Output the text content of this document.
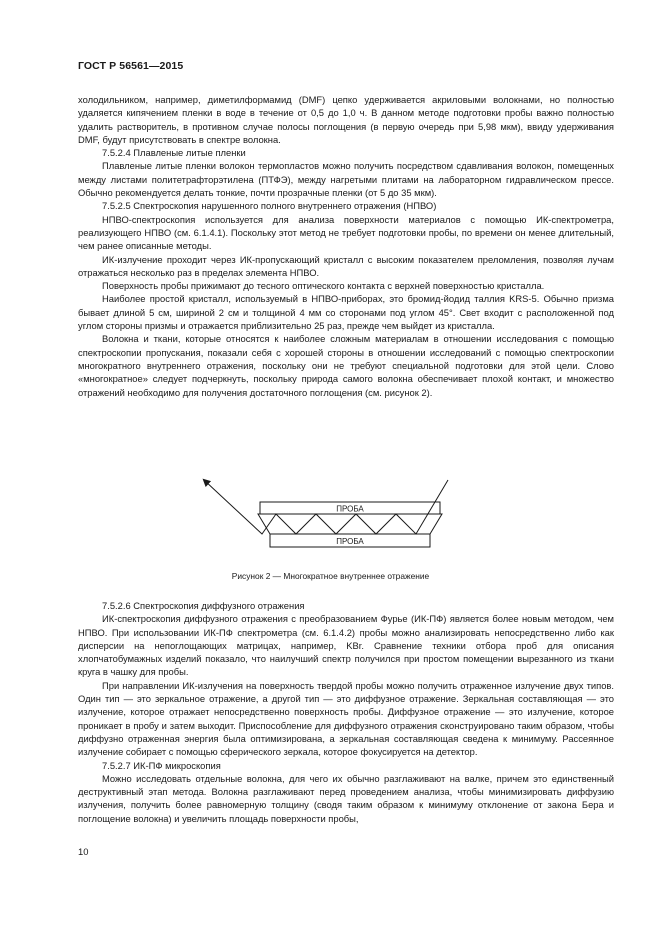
ГОСТ Р 56561—2015

холодильником, например, диметилформамид (DMF) цепко удерживается акриловыми волокнами, но полностью удаляется кипячением пленки в воде в течение от 0,5 до 1,0 ч. В данном методе подготовки пробы важно полностью удалить растворитель, в противном случае полосы поглощения (в первую очередь при 5,98 мкм), ввиду удерживания DMF, будут присутствовать в спектре волокна.

7.5.2.4 Плавленые литые пленки

Плавленые литые пленки волокон термопластов можно получить посредством сдавливания волокон, помещенных между листами политетрафторэтилена (ПТФЭ), между нагретыми плитами на лабораторном гидравлическом прессе. Обычно рекомендуется делать тонкие, почти прозрачные пленки (от 5 до 35 мкм).

7.5.2.5 Спектроскопия нарушенного полного внутреннего отражения (НПВО)

НПВО-спектроскопия используется для анализа поверхности материалов с помощью ИК-спектрометра, реализующего НПВО (см. 6.1.4.1). Поскольку этот метод не требует подготовки пробы, по времени он менее длительный, чем ранее описанные методы.

ИК-излучение проходит через ИК-пропускающий кристалл с высоким показателем преломления, позволяя лучам отражаться несколько раз в пределах элемента НПВО.

Поверхность пробы прижимают до тесного оптического контакта с верхней поверхностью кристалла.

Наиболее простой кристалл, используемый в НПВО-приборах, это бромид-йодид таллия KRS-5. Обычно призма бывает длиной 5 см, шириной 2 см и толщиной 4 мм со сторонами под углом 45°. Свет входит с расположенной под углом стороны призмы и отражается приблизительно 25 раз, прежде чем выйдет из кристалла.

Волокна и ткани, которые относятся к наиболее сложным материалам в отношении исследования с помощью спектроскопии пропускания, показали себя с хорошей стороны в отношении исследований с помощью спектроскопии многократного внутреннего отражения, поскольку они не требуют специальной подготовки для этой цели. Слово «многократное» следует подчеркнуть, поскольку природа самого волокна обеспечивает плохой контакт, и множество отражений необходимо для получения достаточного поглощения (см. рисунок 2).

ПРОБА
ПРОБА
Рисунок 2 — Многократное внутреннее отражение

7.5.2.6 Спектроскопия диффузного отражения

ИК-спектроскопия диффузного отражения с преобразованием Фурье (ИК-ПФ) является более новым методом, чем НПВО. При использовании ИК-ПФ спектрометра (см. 6.1.4.2) пробы можно анализировать непосредственно либо как дисперсии на непоглощающих матрицах, например, KBr. Сравнение техники отбора проб для описания хлопчатобумажных изделий показало, что наилучший спектр получился при простом помещении вырезанного из ткани круга в чашку для пробы.

При направлении ИК-излучения на поверхность твердой пробы можно получить отраженное излучение двух типов. Один тип — это зеркальное отражение, а другой тип — это диффузное отражение. Зеркальная составляющая — это излучение, которое отражает непосредственно поверхность пробы. Диффузное отражение — это излучение, которое проникает в пробу и затем выходит. Приспособление для диффузного отражения сконструировано таким образом, чтобы диффузно отраженная энергия была оптимизирована, а зеркальная составляющая сведена к минимуму. Рассеянное излучение собирает с помощью сферического зеркала, которое фокусируется на детектор.

7.5.2.7 ИК-ПФ микроскопия

Можно исследовать отдельные волокна, для чего их обычно разглаживают на валке, причем это единственный деструктивный этап метода. Волокна разглаживают перед проведением анализа, чтобы минимизировать диффузию излучения, получить более равномерную толщину (сводя таким образом к минимуму отклонение от закона Бера и поглощение волокна) и увеличить площадь поверхности пробы,

10
